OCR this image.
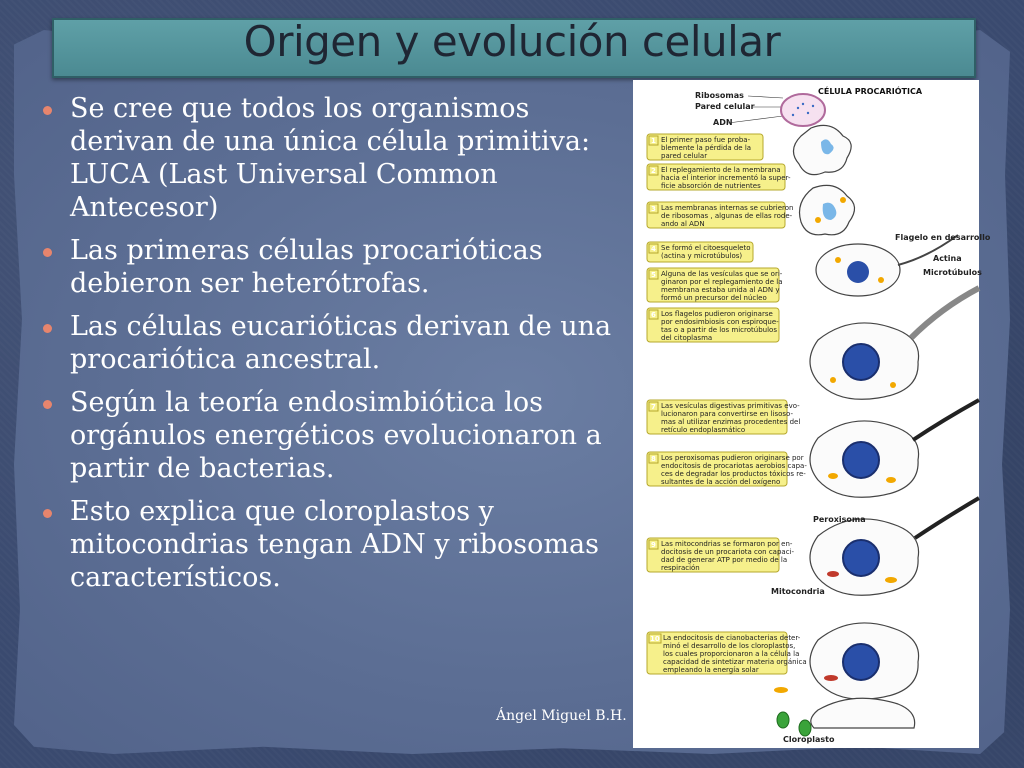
Origen y evolución celular
Se cree que todos los organismos derivan de una única célula primitiva: LUCA (Last Universal Common Antecesor)
Las primeras células procarióticas debieron ser heterótrofas.
Las células eucarióticas derivan de una procariótica ancestral.
Según la teoría endosimbiótica los orgánulos energéticos evolucionaron a partir de bacterias.
Esto explica que cloroplastos y mitocondrias tengan ADN y ribosomas característicos.
Ángel Miguel B.H.
CÉLULA PROCARIÓTICA
Ribosomas
Pared celular
ADN
Flagelo en desarrollo
Actina
Microtúbulos
Peroxisoma
Mitocondria
Cloroplasto
1 El primer paso fue proba-
blemente la pérdida de la
pared celular
2 El replegamiento de la membrana
hacia el interior incrementó la super-
ficie absorción de nutrientes
3 Las membranas internas se cubrieron
de ribosomas , algunas de ellas rode-
ando al ADN
4 Se formó el citoesqueleto
(actina y microtúbulos)
5 Alguna de las vesículas que se ori-
ginaron por el replegamiento de la
membrana estaba unida al ADN y
formó un precursor del núcleo
6 Los flagelos pudieron originarse
por endosimbiosis con espiroque-
tas o a partir de los microtúbulos
del citoplasma
7 Las vesículas digestivas primitivas evo-
lucionaron para convertirse en lisoso-
mas al utilizar enzimas procedentes del
retículo endoplasmático
8 Los peroxisomas pudieron originarse por
endocitosis de procariotas aerobios capa-
ces de degradar los productos tóxicos re-
sultantes de la acción del oxígeno
9 Las mitocondrias se formaron por en-
docitosis de un procariota con capaci-
dad de generar ATP por medio de la
respiración
10 La endocitosis de cianobacterias deter-
minó el desarrollo de los cloroplastos,
los cuales proporcionaron a la célula la
capacidad de sintetizar materia orgánica
empleando la energía solar
